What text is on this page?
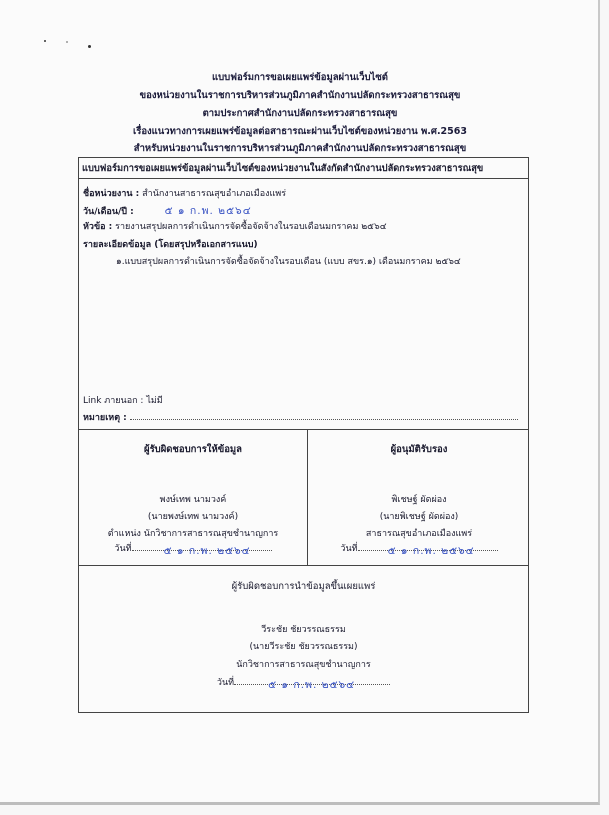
แบบฟอร์มการขอเผยแพร่ข้อมูลผ่านเว็บไซต์
ของหน่วยงานในราชการบริหารส่วนภูมิภาคสำนักงานปลัดกระทรวงสาธารณสุข
ตามประกาศสำนักงานปลัดกระทรวงสาธารณสุข
เรื่องแนวทางการเผยแพร่ข้อมูลต่อสาธารณะผ่านเว็บไซต์ของหน่วยงาน พ.ศ.2563
สำหรับหน่วยงานในราชการบริหารส่วนภูมิภาคสำนักงานปลัดกระทรวงสาธารณสุข
แบบฟอร์มการขอเผยแพร่ข้อมูลผ่านเว็บไซต์ของหน่วยงานในสังกัดสำนักงานปลัดกระทรวงสาธารณสุข
ชื่อหน่วยงาน : สำนักงานสาธารณสุขอำเภอเมืองแพร่
วัน/เดือน/ปี :	๕ ๑ ก.พ. ๒๕๖๔
หัวข้อ : รายงานสรุปผลการดำเนินการจัดซื้อจัดจ้างในรอบเดือนมกราคม ๒๕๖๔
รายละเอียดข้อมูล (โดยสรุปหรือเอกสารแนบ)
๑.แบบสรุปผลการดำเนินการจัดซื้อจัดจ้างในรอบเดือน (แบบ สขร.๑) เดือนมกราคม ๒๕๖๔
Link ภายนอก : ไม่มี
หมายเหตุ :
ผู้รับผิดชอบการให้ข้อมูล
พงษ์เทพ นามวงค์
(นายพงษ์เทพ นามวงค์)
ตำแหน่ง นักวิชาการสาธารณสุขชำนาญการ
วันที่	๕ ๑ ก.พ. ๒๕๖๔
ผู้อนุมัติรับรอง
พิเชษฐ์ ผัดผ่อง
(นายพิเชษฐ์ ผัดผ่อง)
สาธารณสุขอำเภอเมืองแพร่
วันที่	๕ ๑ ก.พ. ๒๕๖๔
ผู้รับผิดชอบการนำข้อมูลขึ้นเผยแพร่
วีระชัย ชัยวรรณธรรม
(นายวีระชัย ชัยวรรณธรรม)
นักวิชาการสาธารณสุขชำนาญการ
วันที่	๕ ๑ ก.พ. ๒๕๖๔
